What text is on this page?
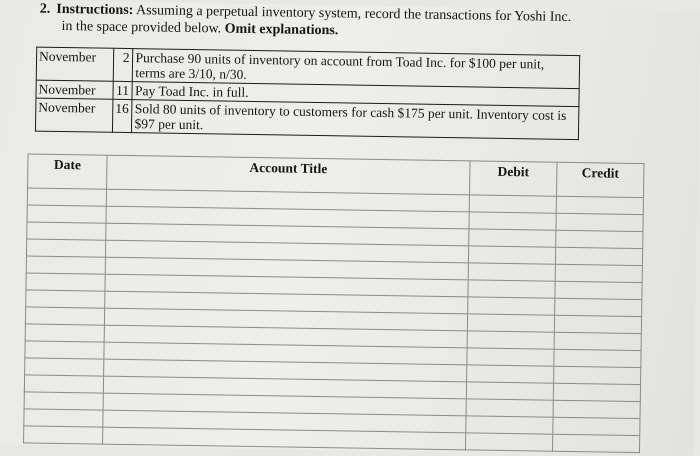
2. Instructions: Assuming a perpetual inventory system, record the transactions for Yoshi Inc.
in the space provided below. Omit explanations.
November	2	Purchase 90 units of inventory on account from Toad Inc. for $100 per unit, terms are 3/10, n/30.
November	11	Pay Toad Inc. in full.
November	16	Sold 80 units of inventory to customers for cash $175 per unit. Inventory cost is $97 per unit.
Date	Account Title	Debit	Credit
